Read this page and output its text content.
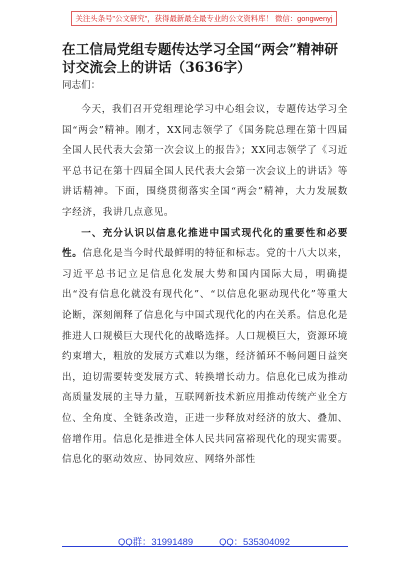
关注头条号"公文研究"，获得最新最全最专业的公文资料库！ 微信：gongwenyj
在工信局党组专题传达学习全国“两会”精神研讨交流会上的讲话（3636字）

同志们：

今天，我们召开党组理论学习中心组会议，专题传达学习全国“两会”精神。刚才，XX同志领学了《国务院总理在第十四届全国人民代表大会第一次会议上的报告》；XX同志领学了《习近平总书记在第十四届全国人民代表大会第一次会议上的讲话》等讲话精神。下面，围绕贯彻落实全国“两会”精神，大力发展数字经济，我讲几点意见。

一、充分认识以信息化推进中国式现代化的重要性和必要性。信息化是当今时代最鲜明的特征和标志。党的十八大以来，习近平总书记立足信息化发展大势和国内国际大局，明确提出“没有信息化就没有现代化”、“以信息化驱动现代化”等重大论断，深刻阐释了信息化与中国式现代化的内在关系。信息化是推进人口规模巨大现代化的战略选择。人口规模巨大，资源环境约束增大，粗放的发展方式难以为继，经济循环不畅问题日益突出，迫切需要转变发展方式、转换增长动力。信息化已成为推动高质量发展的主导力量，互联网新技术新应用推动传统产业全方位、全角度、全链条改造，正进一步释放对经济的放大、叠加、倍增作用。信息化是推进全体人民共同富裕现代化的现实需要。信息化的驱动效应、协同效应、网络外部性

QQ群：31991489	QQ：535304092
